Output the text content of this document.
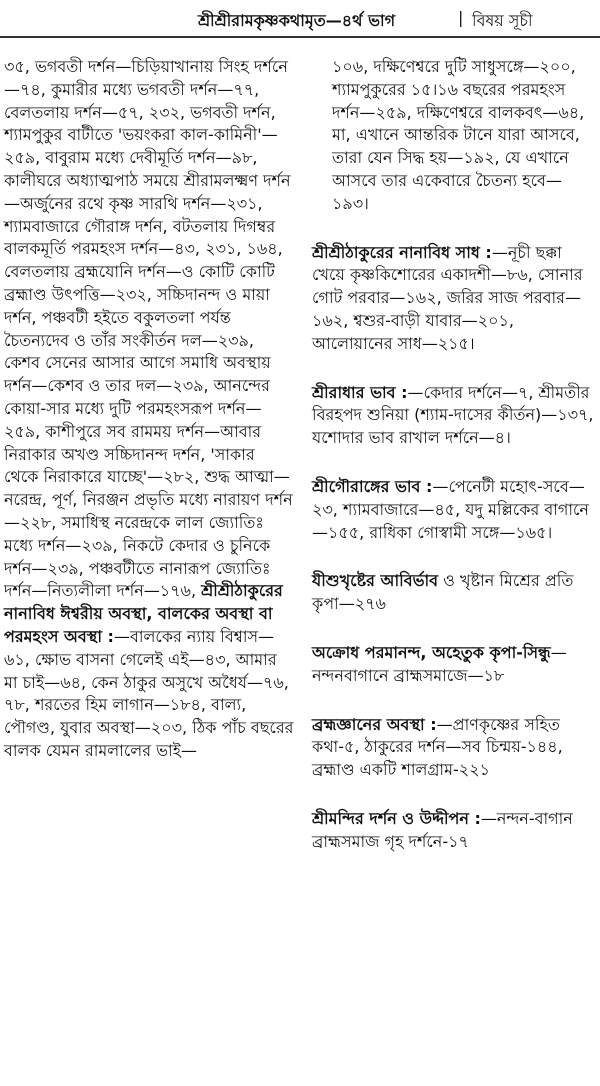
শ্রীশ্রীরামকৃষ্ণকথামৃত—৪র্থ ভাগ	| বিষয় সূচী

৩৫, ভগবতী দর্শন—চিড়িয়াখানায় সিংহ দর্শনে—৭৪, কুমারীর মধ্যে ভগবতী দর্শন—৭৭, বেলতলায় দর্শন—৫৭, ২৩২, ভগবতী দর্শন, শ্যামপুকুর বাটীতে 'ভয়ংকরা কাল-কামিনী'—২৫৯, বাবুরাম মধ্যে দেবীমূর্তি দর্শন—৯৮, কালীঘরে অধ্যাত্মপাঠ সময়ে শ্রীরামলক্ষ্মণ দর্শন—অর্জুনের রথে কৃষ্ণ সারথি দর্শন—২৩১, শ্যামবাজারে গৌরাঙ্গ দর্শন, বটতলায় দিগম্বর বালকমূর্তি পরমহংস দর্শন—৪৩, ২৩১, ১৬৪, বেলতলায় ব্রহ্মযোনি দর্শন—ও কোটি কোটি ব্রহ্মাণ্ড উৎপত্তি—২৩২, সচ্চিদানন্দ ও মায়া দর্শন, পঞ্চবটী হইতে বকুলতলা পর্যন্ত চৈতন্যদেব ও তাঁর সংকীর্তন দল—২৩৯, কেশব সেনের আসার আগে সমাধি অবস্থায় দর্শন—কেশব ও তার দল—২৩৯, আনন্দের কোয়া-সার মধ্যে দুটি পরমহংসরূপ দর্শন—২৫৯, কাশীপুরে সব রামময় দর্শন—আবার নিরাকার অখণ্ড সচ্চিদানন্দ দর্শন, 'সাকার থেকে নিরাকারে যাচ্ছে'—২৮২, শুদ্ধ আত্মা—নরেন্দ্র, পূর্ণ, নিরঞ্জন প্রভৃতি মধ্যে নারায়ণ দর্শন—২২৮, সমাধিস্থ নরেন্দ্রকে লাল জ্যোতিঃ মধ্যে দর্শন—২৩৯, নিকটে কেদার ও চুনিকে দর্শন—২৩৯, পঞ্চবটীতে নানারূপ জ্যোতিঃ দর্শন—নিত্যলীলা দর্শন—১৭৬, শ্রীশ্রীঠাকুরের নানাবিধ ঈশ্বরীয় অবস্থা, বালকের অবস্থা বা পরমহংস অবস্থা :—বালকের ন্যায় বিশ্বাস—৬১, ক্ষোভ বাসনা গেলেই এই—৪৩, আমার মা চাই—৬৪, কেন ঠাকুর অসুখে অধৈর্য—৭৬, ৭৮, শরতের হিম লাগান—১৮৪, বাল্য, পৌগণ্ড, যুবার অবস্থা—২০৩, ঠিক পাঁচ বছরের বালক যেমন রামলালের ভাই—

১০৬, দক্ষিণেশ্বরে দুটি সাধুসঙ্গে—২০০, শ্যামপুকুরের ১৫।১৬ বছরের পরমহংস দর্শন—২৫৯, দক্ষিণেশ্বরে বালকবৎ—৬৪, মা, এখানে আন্তরিক টানে যারা আসবে, তারা যেন সিদ্ধ হয়—১৯২, যে এখানে আসবে তার একেবারে চৈতন্য হবে—১৯৩।

শ্রীশ্রীঠাকুরের নানাবিধ সাধ :—নূচী ছক্কা খেয়ে কৃষ্ণকিশোরের একাদশী—৮৬, সোনার গোট পরবার—১৬২, জরির সাজ পরবার—১৬২, শ্বশুর-বাড়ী যাবার—২০১, আলোয়ানের সাধ—২১৫।

শ্রীরাধার ভাব :—কেদার দর্শনে—৭, শ্রীমতীর বিরহপদ শুনিয়া (শ্যাম-দাসের কীর্তন)—১৩৭, যশোদার ভাব রাখাল দর্শনে—৪।

শ্রীগৌরাঙ্গের ভাব :—পেনেটী মহোৎ-সবে—২৩, শ্যামবাজারে—৪৫, যদু মল্লিকের বাগানে—১৫৫, রাধিকা গোস্বামী সঙ্গে—১৬৫।

যীশুখৃষ্টের আবির্ভাব ও খৃষ্টান মিশ্রের প্রতি কৃপা—২৭৬

অক্রোধ পরমানন্দ, অহেতুক কৃপা-সিন্ধু—নন্দনবাগানে ব্রাহ্মসমাজে—১৮

ব্রহ্মজ্ঞানের অবস্থা :—প্রাণকৃষ্ণের সহিত কথা-৫, ঠাকুরের দর্শন—সব চিন্ময়-১৪৪, ব্রহ্মাণ্ড একটি শালগ্রাম-২২১

শ্রীমন্দির দর্শন ও উদ্দীপন :—নন্দন-বাগান ব্রাহ্মসমাজ গৃহ দর্শনে-১৭
